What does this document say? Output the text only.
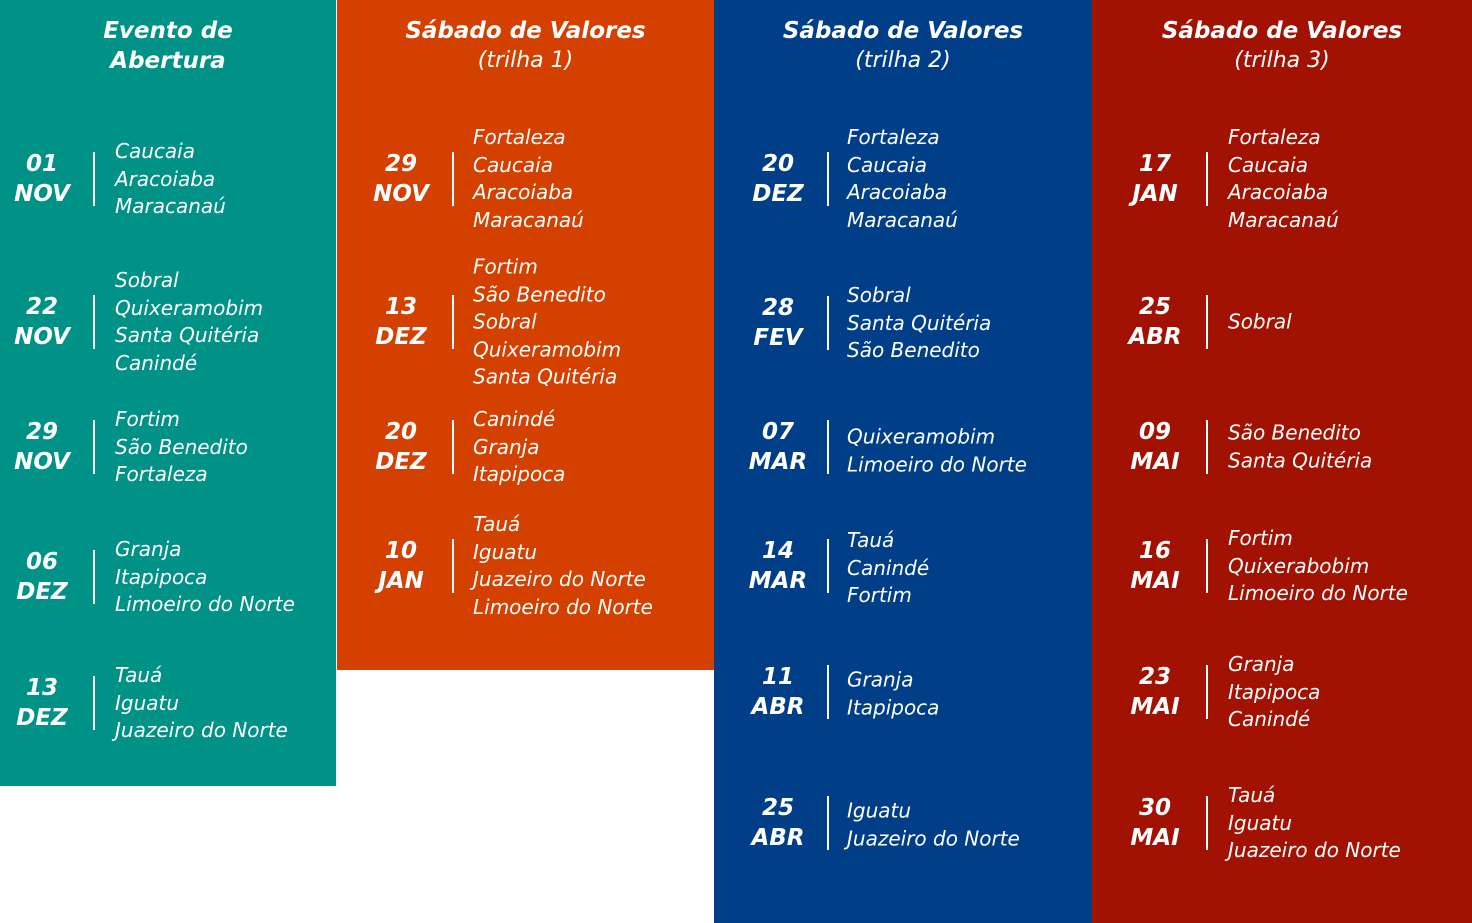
Evento de
Abertura
01
NOV
Caucaia
Aracoiaba
Maracanaú
22
NOV
Sobral
Quixeramobim
Santa Quitéria
Canindé
29
NOV
Fortim
São Benedito
Fortaleza
06
DEZ
Granja
Itapipoca
Limoeiro do Norte
13
DEZ
Tauá
Iguatu
Juazeiro do Norte
Sábado de Valores
(trilha 1)
29
NOV
Fortaleza
Caucaia
Aracoiaba
Maracanaú
13
DEZ
Fortim
São Benedito
Sobral
Quixeramobim
Santa Quitéria
20
DEZ
Canindé
Granja
Itapipoca
10
JAN
Tauá
Iguatu
Juazeiro do Norte
Limoeiro do Norte
Sábado de Valores
(trilha 2)
20
DEZ
Fortaleza
Caucaia
Aracoiaba
Maracanaú
28
FEV
Sobral
Santa Quitéria
São Benedito
07
MAR
Quixeramobim
Limoeiro do Norte
14
MAR
Tauá
Canindé
Fortim
11
ABR
Granja
Itapipoca
25
ABR
Iguatu
Juazeiro do Norte
Sábado de Valores
(trilha 3)
17
JAN
Fortaleza
Caucaia
Aracoiaba
Maracanaú
25
ABR
Sobral
09
MAI
São Benedito
Santa Quitéria
16
MAI
Fortim
Quixerabobim
Limoeiro do Norte
23
MAI
Granja
Itapipoca
Canindé
30
MAI
Tauá
Iguatu
Juazeiro do Norte
